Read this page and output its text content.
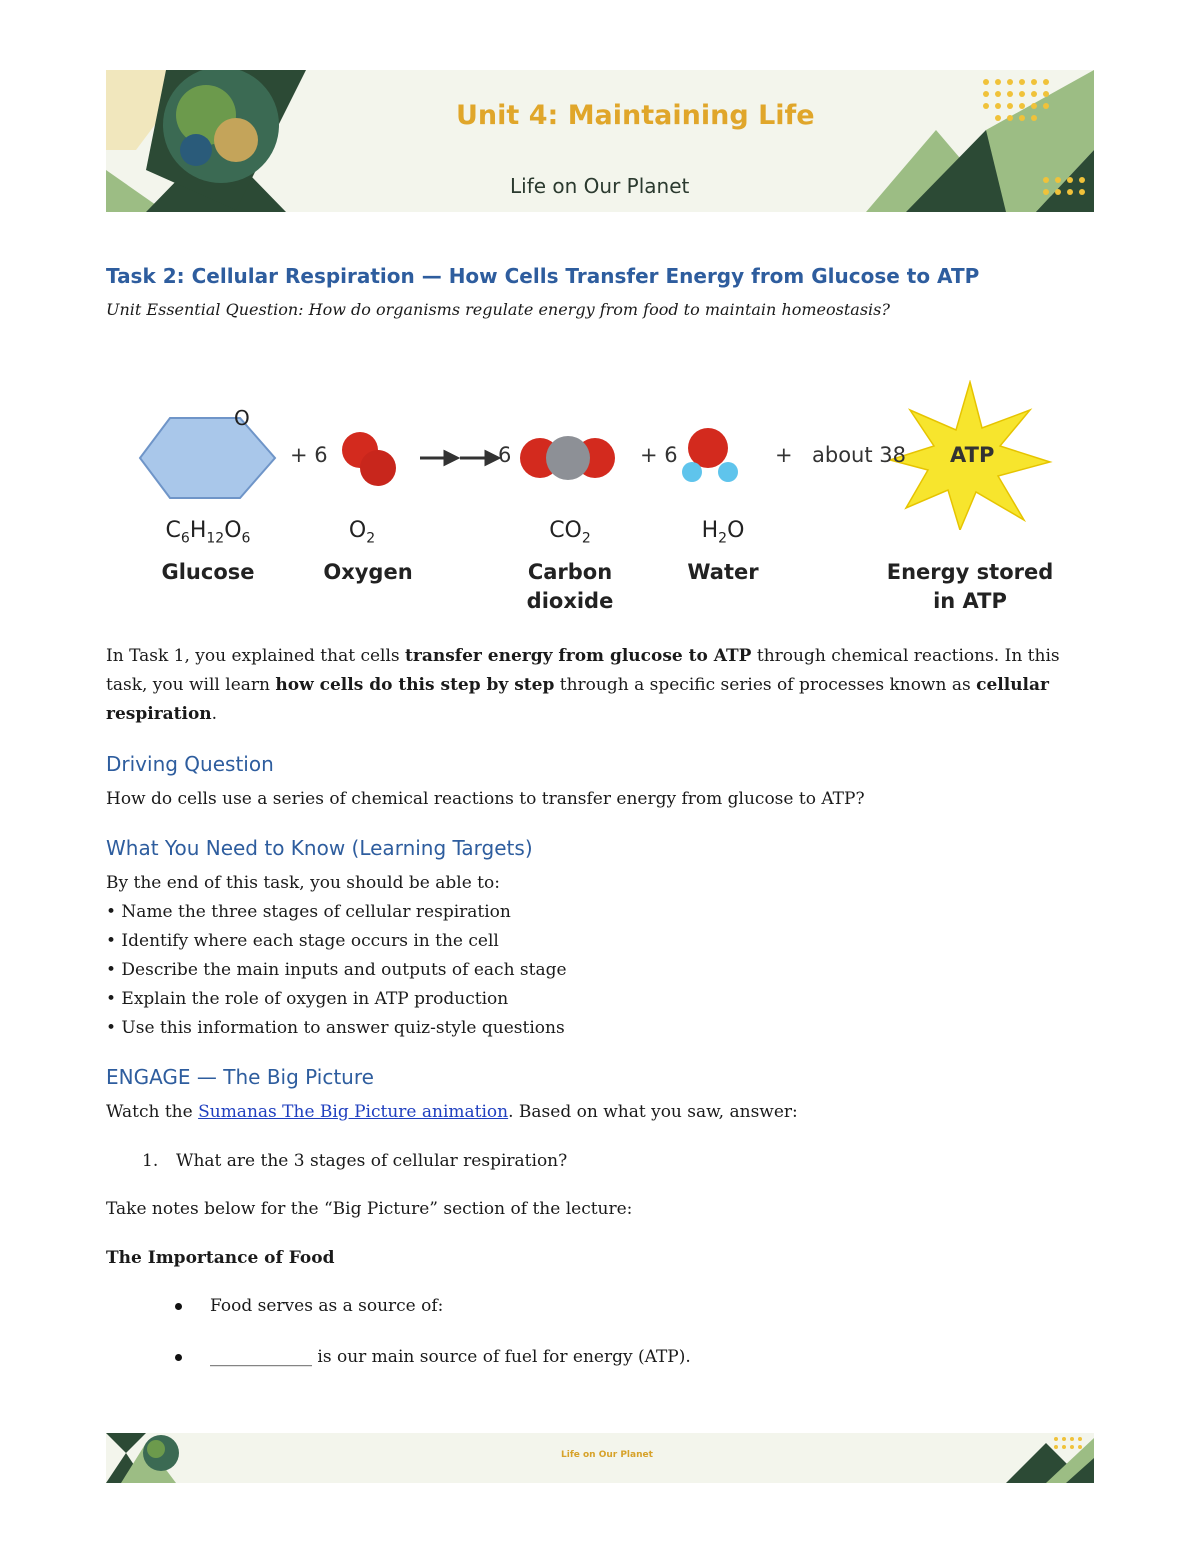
Unit 4: Maintaining Life
Life on Our Planet
Task 2: Cellular Respiration — How Cells Transfer Energy from Glucose to ATP
Unit Essential Question: How do organisms regulate energy from food to maintain homeostasis?
O
+ 6	6	+ 6	+ about 38 ATP
$C_6H_{12}O_6$	$O_2$	$CO_2$	$H_2O$
Glucose	Oxygen	Carbon
dioxide
Water	Energy stored
in ATP
In Task 1, you explained that cells transfer energy from glucose to ATP through chemical reactions. In this task, you will learn how cells do this step by step through a specific series of processes known as cellular respiration.
Driving Question
How do cells use a series of chemical reactions to transfer energy from glucose to ATP?
What You Need to Know (Learning Targets)
By the end of this task, you should be able to:
• Name the three stages of cellular respiration
• Identify where each stage occurs in the cell
• Describe the main inputs and outputs of each stage
• Explain the role of oxygen in ATP production
• Use this information to answer quiz-style questions
ENGAGE — The Big Picture
Watch the Sumanas The Big Picture animation. Based on what you saw, answer:
1. What are the 3 stages of cellular respiration?
Take notes below for the “Big Picture” section of the lecture:
The Importance of Food
Food serves as a source of:
____________ is our main source of fuel for energy (ATP).
Life on Our Planet
